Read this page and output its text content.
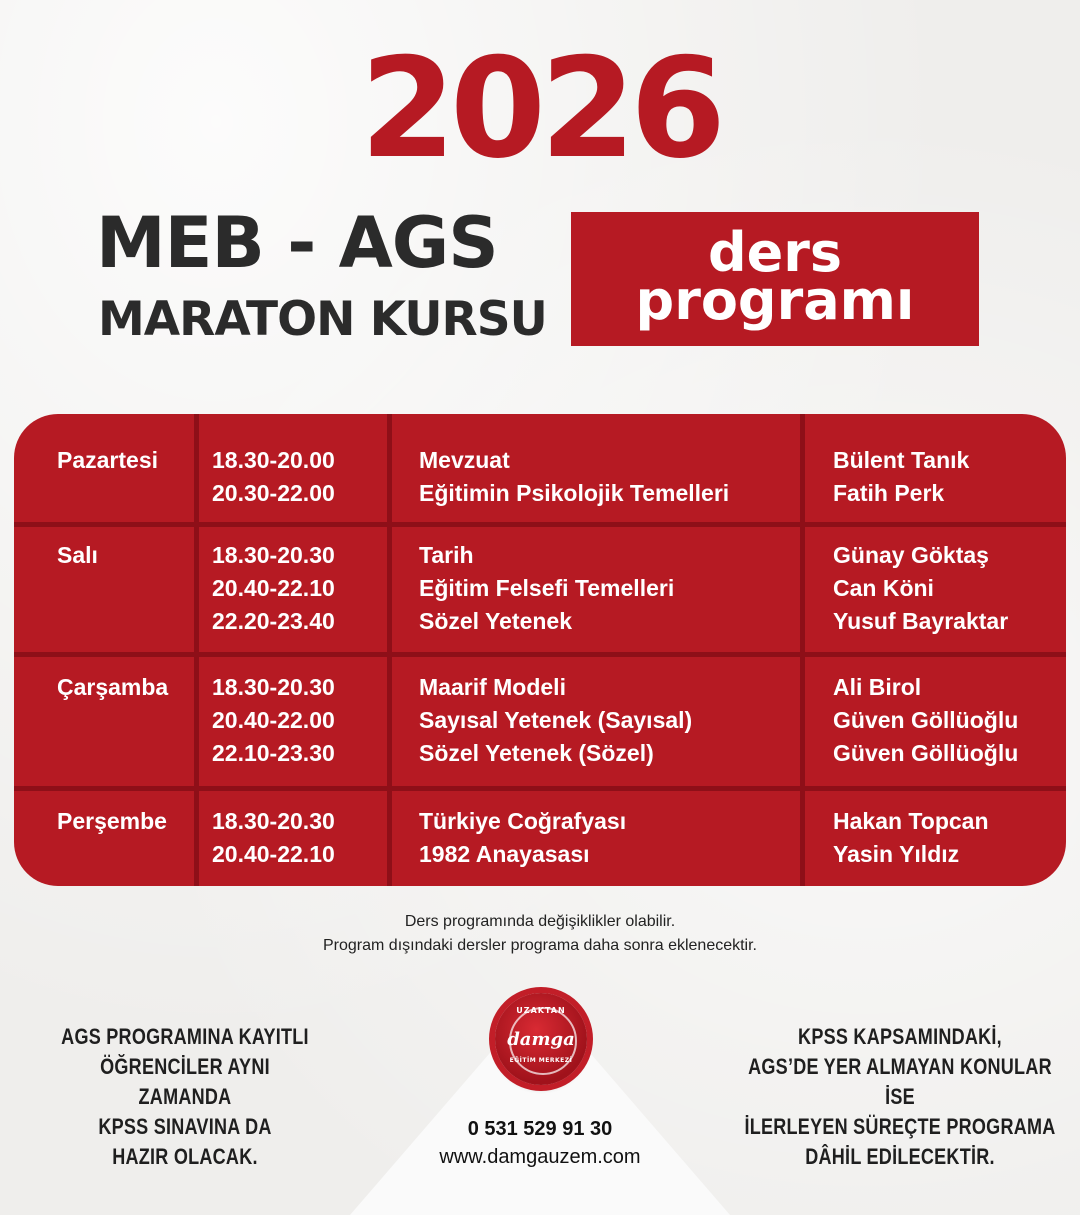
2026
MEB - AGS
MARATON KURSU
ders
programı
Pazartesi 18.30-20.00
20.30-22.00
Mevzuat
Eğitimin Psikolojik Temelleri
Bülent Tanık
Fatih Perk
Salı	18.30-20.30
20.40-22.10
22.20-23.40
Tarih
Eğitim Felsefi Temelleri
Sözel Yetenek
Günay Göktaş
Can Köni
Yusuf Bayraktar
Çarşamba 18.30-20.30
20.40-22.00
22.10-23.30
Maarif Modeli
Sayısal Yetenek (Sayısal)
Sözel Yetenek (Sözel)
Ali Birol
Güven Göllüoğlu
Güven Göllüoğlu
Perşembe 18.30-20.30
20.40-22.10
Türkiye Coğrafyası
1982 Anayasası
Hakan Topcan
Yasin Yıldız
Ders programında değişiklikler olabilir.
Program dışındaki dersler programa daha sonra eklenecektir.
AGS PROGRAMINA KAYITLI
ÖĞRENCİLER AYNI ZAMANDA
KPSS SINAVINA DA
HAZIR OLACAK.
KPSS KAPSAMINDAKİ,
AGS’DE YER ALMAYAN KONULAR İSE
İLERLEYEN SÜREÇTE PROGRAMA
DÂHİL EDİLECEKTİR.
UZAKTAN
damga
EĞİTİM MERKEZİ
0 531 529 91 30
www.damgauzem.com
